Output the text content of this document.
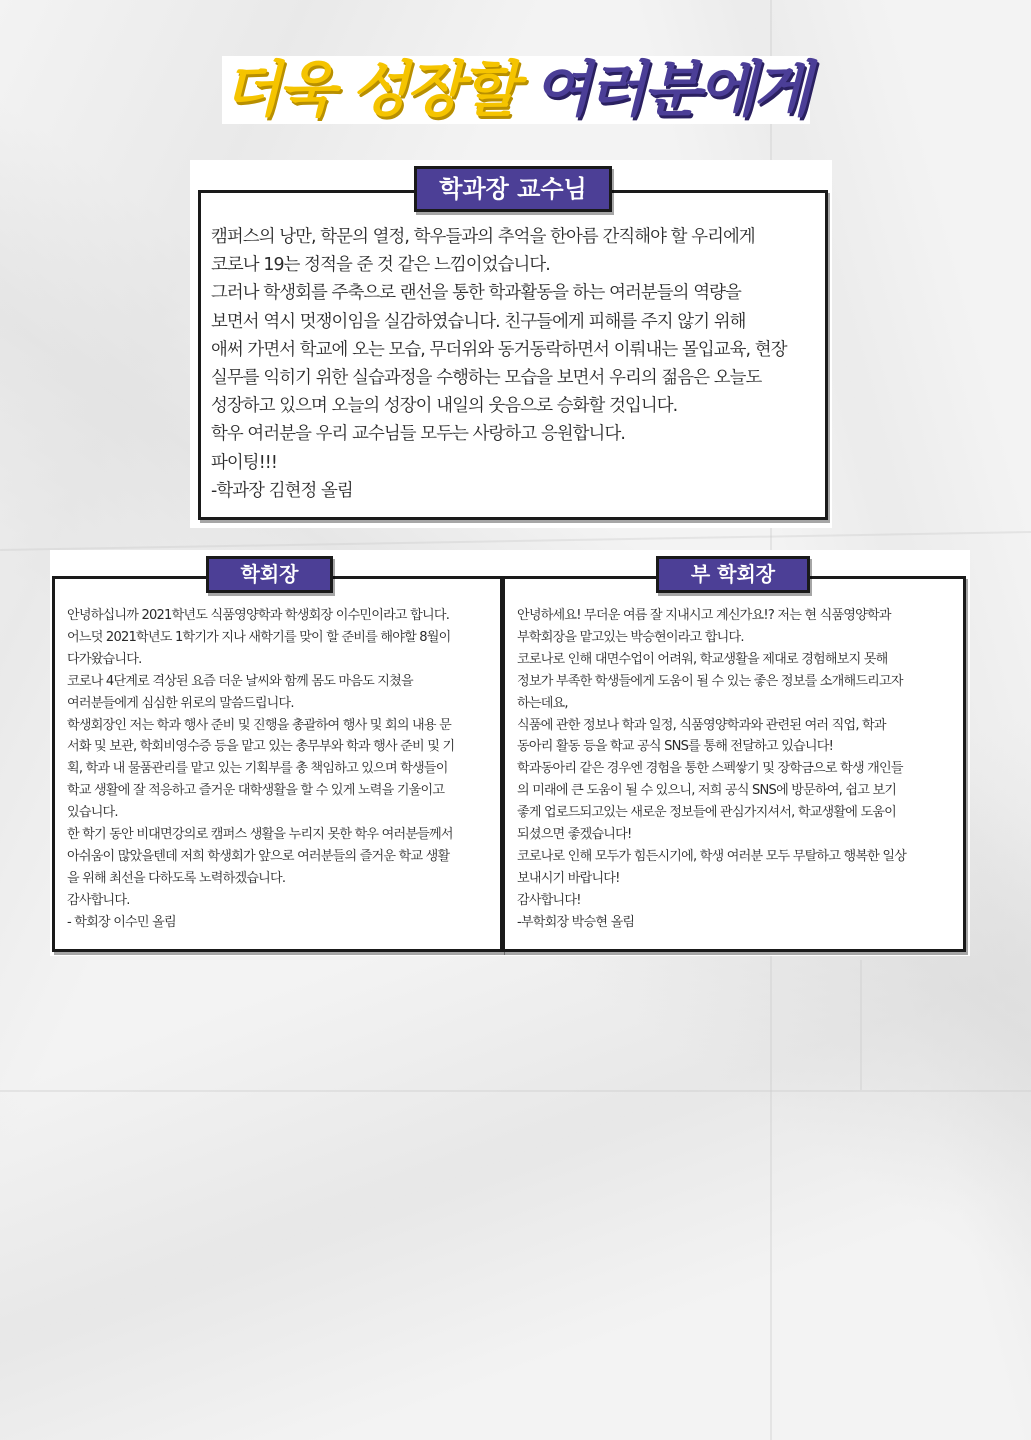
더욱 성장할 여러분에게
캠퍼스의 낭만, 학문의 열정, 학우들과의 추억을 한아름 간직해야 할 우리에게
코로나 19는 정적을 준 것 같은 느낌이었습니다.
그러나 학생회를 주축으로 랜선을 통한 학과활동을 하는 여러분들의 역량을
보면서 역시 멋쟁이임을 실감하였습니다. 친구들에게 피해를 주지 않기 위해
애써 가면서 학교에 오는 모습, 무더위와 동거동락하면서 이뤄내는 몰입교육, 현장
실무를 익히기 위한 실습과정을 수행하는 모습을 보면서 우리의 젊음은 오늘도
성장하고 있으며 오늘의 성장이 내일의 웃음으로 승화할 것입니다.
학우 여러분을 우리 교수님들 모두는 사랑하고 응원합니다.
파이팅!!!
-학과장 김현정 올림
학과장 교수님
안녕하십니까 2021학년도 식품영양학과 학생회장 이수민이라고 합니다.
어느덧 2021학년도 1학기가 지나 새학기를 맞이 할 준비를 해야할 8월이
다가왔습니다.
코로나 4단계로 격상된 요즘 더운 날씨와 함께 몸도 마음도 지쳤을
여러분들에게 심심한 위로의 말씀드립니다.
학생회장인 저는 학과 행사 준비 및 진행을 총괄하여 행사 및 회의 내용 문
서화 및 보관, 학회비영수증 등을 맡고 있는 총무부와 학과 행사 준비 및 기
획, 학과 내 물품관리를 맡고 있는 기획부를 총 책임하고 있으며 학생들이
학교 생활에 잘 적응하고 즐거운 대학생활을 할 수 있게 노력을 기울이고
있습니다.
한 학기 동안 비대면강의로 캠퍼스 생활을 누리지 못한 학우 여러분들께서
아쉬움이 많았을텐데 저희 학생회가 앞으로 여러분들의 즐거운 학교 생활
을 위해 최선을 다하도록 노력하겠습니다.
감사합니다.
- 학회장 이수민 올림
안녕하세요! 무더운 여름 잘 지내시고 계신가요!? 저는 현 식품영양학과
부학회장을 맡고있는 박승현이라고 합니다.
코로나로 인해 대면수업이 어려워, 학교생활을 제대로 경험해보지 못해
정보가 부족한 학생들에게 도움이 될 수 있는 좋은 정보를 소개해드리고자
하는데요,
식품에 관한 정보나 학과 일정, 식품영양학과와 관련된 여러 직업, 학과
동아리 활동 등을 학교 공식 SNS를 통해 전달하고 있습니다!
학과동아리 같은 경우엔 경험을 통한 스펙쌓기 및 장학금으로 학생 개인들
의 미래에 큰 도움이 될 수 있으니, 저희 공식 SNS에 방문하여, 쉽고 보기
좋게 업로드되고있는 새로운 정보들에 관심가지셔서, 학교생활에 도움이
되셨으면 좋겠습니다!
코로나로 인해 모두가 힘든시기에, 학생 여러분 모두 무탈하고 행복한 일상
보내시기 바랍니다!
감사합니다!
-부학회장 박승현 올림
학회장	부 학회장
